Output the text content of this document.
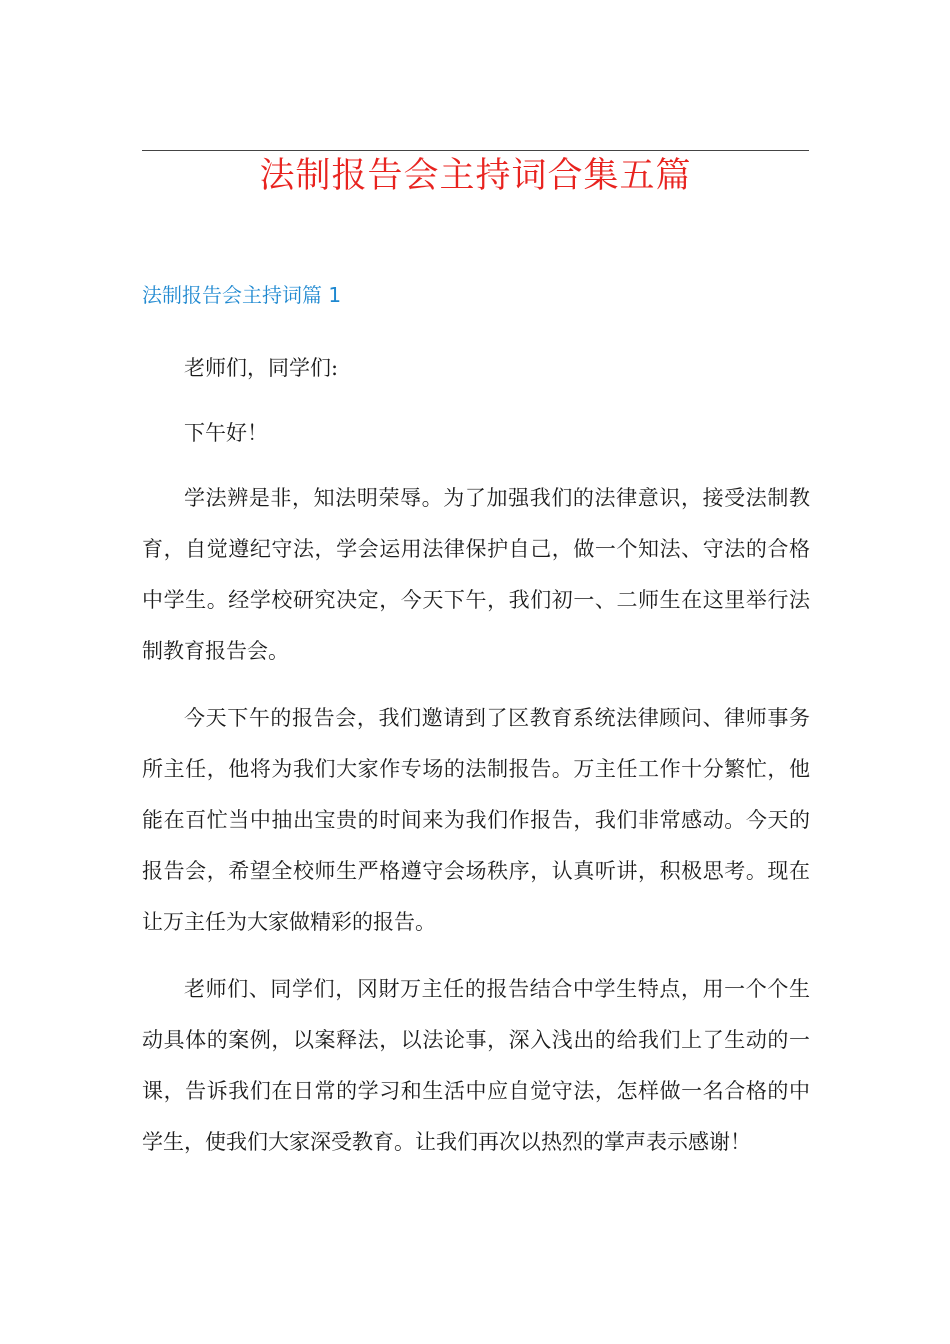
法制报告会主持词合集五篇
法制报告会主持词篇 1

老师们，同学们:

下午好！

学法辨是非，知法明荣辱。为了加强我们的法律意识，接受法制教育，自觉遵纪守法，学会运用法律保护自己，做一个知法、守法的合格中学生。经学校研究决定，今天下午，我们初一、二师生在这里举行法制教育报告会。

今天下午的报告会，我们邀请到了区教育系统法律顾问、律师事务所主任，他将为我们大家作专场的法制报告。万主任工作十分繁忙，他能在百忙当中抽出宝贵的时间来为我们作报告，我们非常感动。今天的报告会，希望全校师生严格遵守会场秩序，认真听讲，积极思考。现在让万主任为大家做精彩的报告。

老师们、同学们，冈財万主任的报告结合中学生特点，用一个个生动具体的案例，以案释法，以法论事，深入浅出的给我们上了生动的一课，告诉我们在日常的学习和生活中应自觉守法，怎样做一名合格的中学生，使我们大家深受教育。让我们再次以热烈的掌声表示感谢！
